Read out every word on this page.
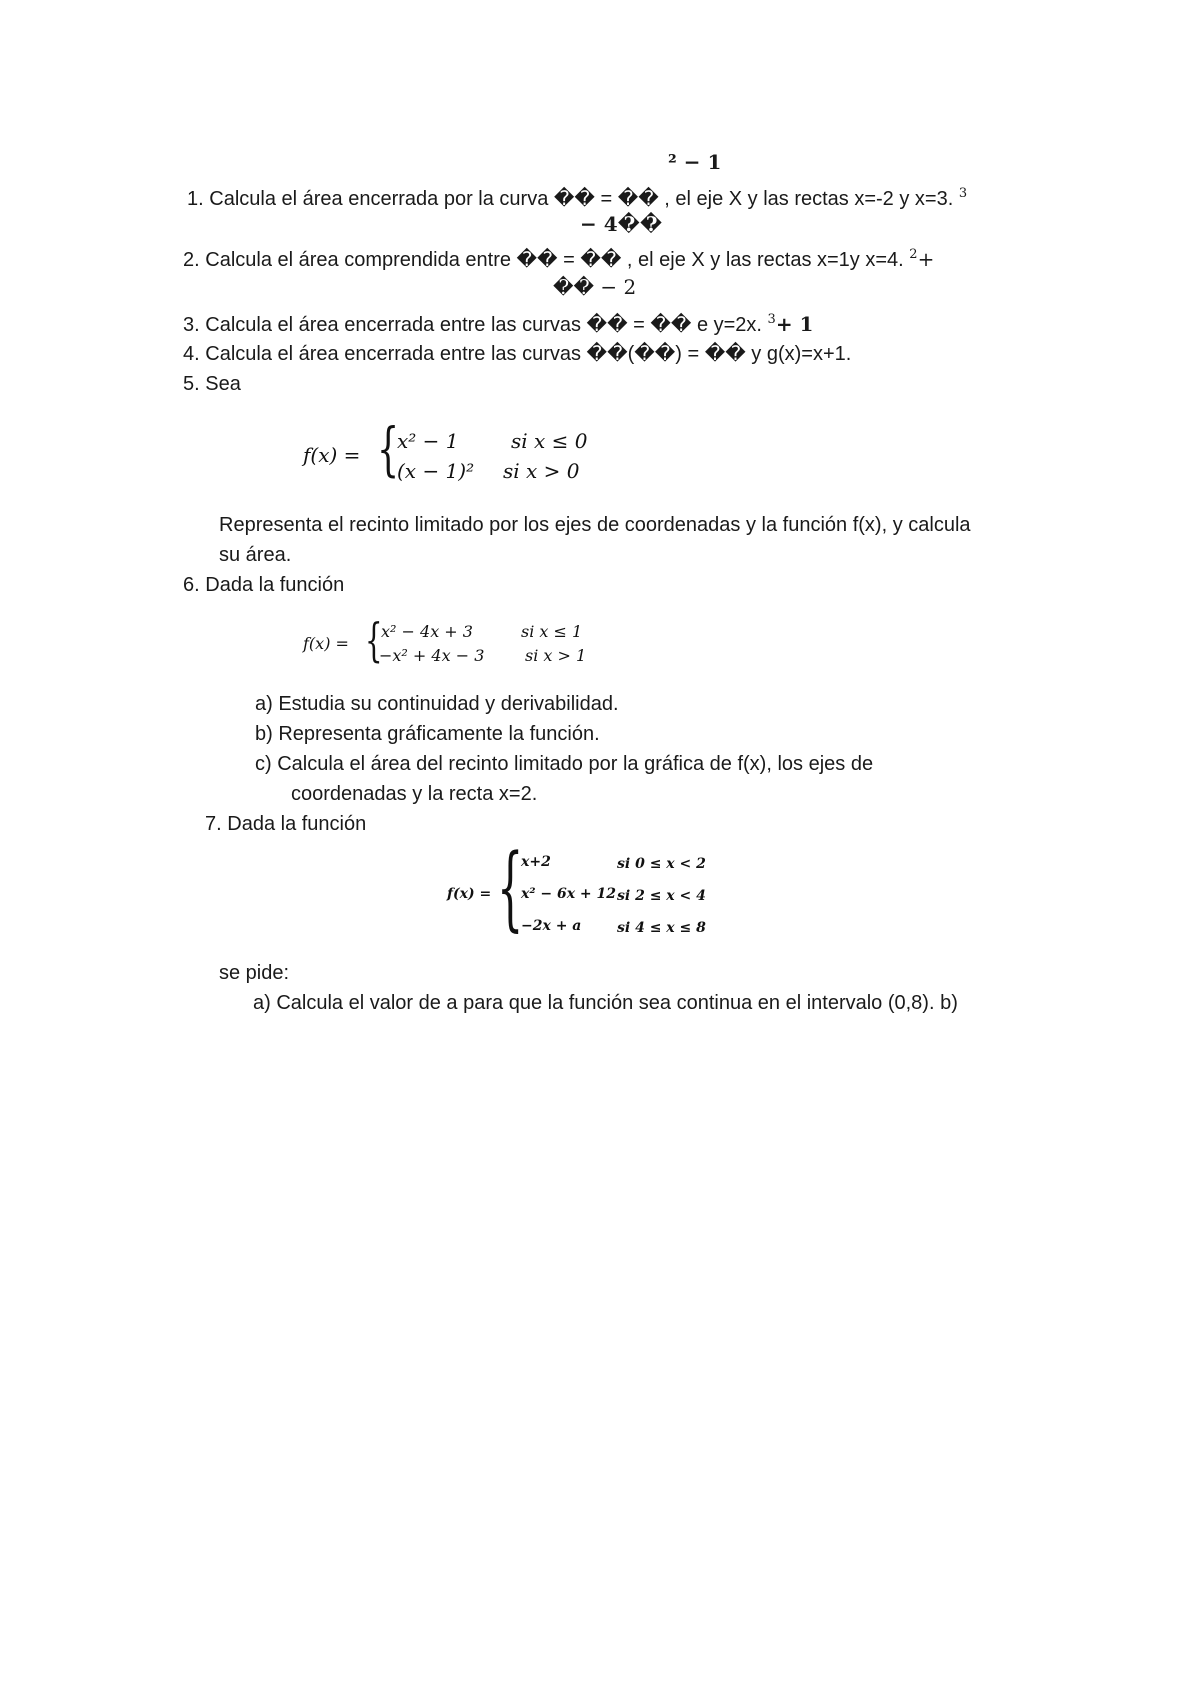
² − 𝟏
1. Calcula el área encerrada por la curva �� = �� , el eje X y las rectas x=-2 y x=3. $^3$
− 𝟒��
2. Calcula el área comprendida entre �� = �� , el eje X y las rectas x=1y x=4. $^2$+
�� − 2
3. Calcula el área encerrada entre las curvas �� = �� e y=2x. $^3$+ 𝟏
4. Calcula el área encerrada entre las curvas ��(��) = �� y g(x)=x+1.
5. Sea
f(x) = {
x² − 1	si x ≤ 0
(x − 1)² si x > 0
Representa el recinto limitado por los ejes de coordenadas y la función f(x), y calcula
su área.
6. Dada la función
f(x) = {
x² − 4x + 3	si x ≤ 1
−x² + 4x − 3	si x > 1
a) Estudia su continuidad y derivabilidad.
b) Representa gráficamente la función.
c) Calcula el área del recinto limitado por la gráfica de f(x), los ejes de
coordenadas y la recta x=2.
7. Dada la función
f(x) = {
x+2	si 0 ≤ x < 2
x² − 6x + 12 si 2 ≤ x < 4
−2x + a	si 4 ≤ x ≤ 8
se pide:
a) Calcula el valor de a para que la función sea continua en el intervalo (0,8). b)
